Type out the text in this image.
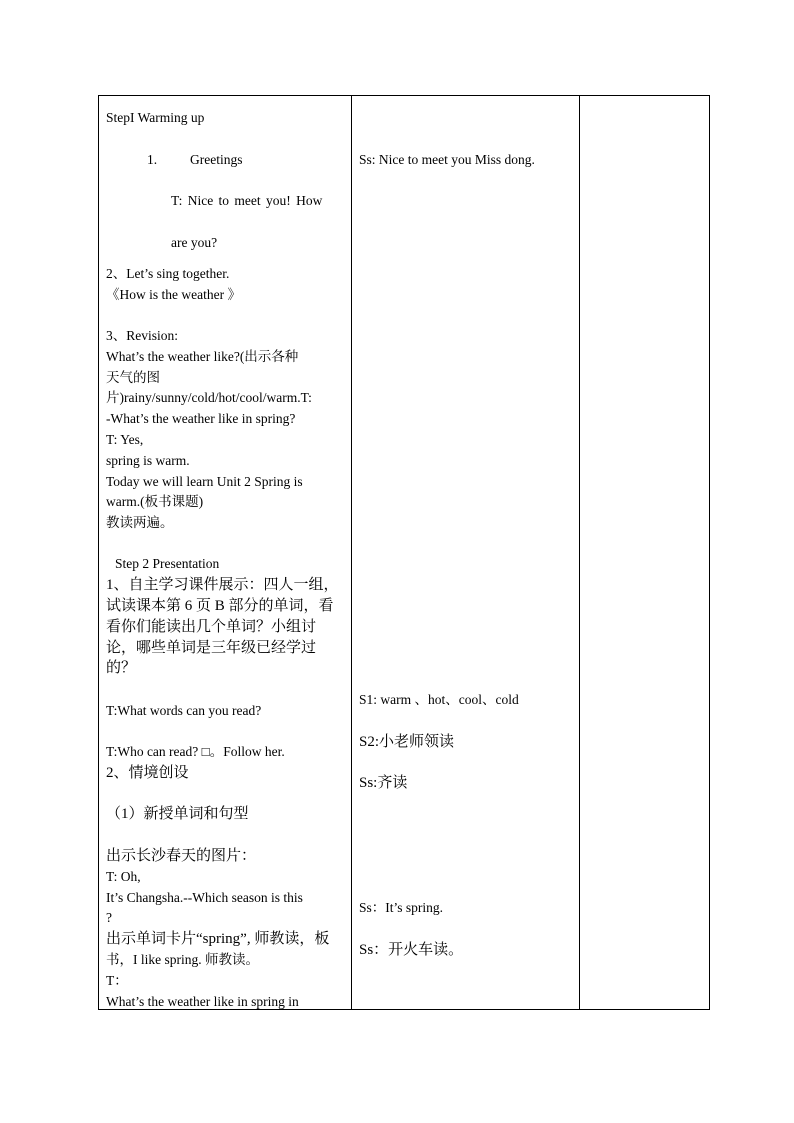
StepI Warming up
1. Greetings
T: Nice to meet you! How
are you?
2、Let’s sing together.
《How is the weather 》
3、Revision:
What’s the weather like?(出示各种
天气的图
片)rainy/sunny/cold/hot/cool/warm.T:
-What’s the weather like in spring?
T: Yes,
spring is warm.
Today we will learn Unit 2 Spring is
warm.(板书课题)
教读两遍。
Step 2 Presentation
1、自主学习课件展示：四人一组，
试读课本第 6 页 B 部分的单词，看
看你们能读出几个单词？小组讨
论，哪些单词是三年级已经学过
的？
T:What words can you read?
T:Who can read? □。Follow her.
2、情境创设
（1）新授单词和句型
出示长沙春天的图片：
T: Oh,
It’s Changsha.--Which season is this
?
出示单词卡片“spring”, 师教读，板
书，I like spring. 师教读。
T：
What’s the weather like in spring in
Ss: Nice to meet you Miss dong.
S1: warm 、hot、cool、cold
S2:小老师领读
Ss:齐读
Ss：It’s spring.
Ss：开火车读。
